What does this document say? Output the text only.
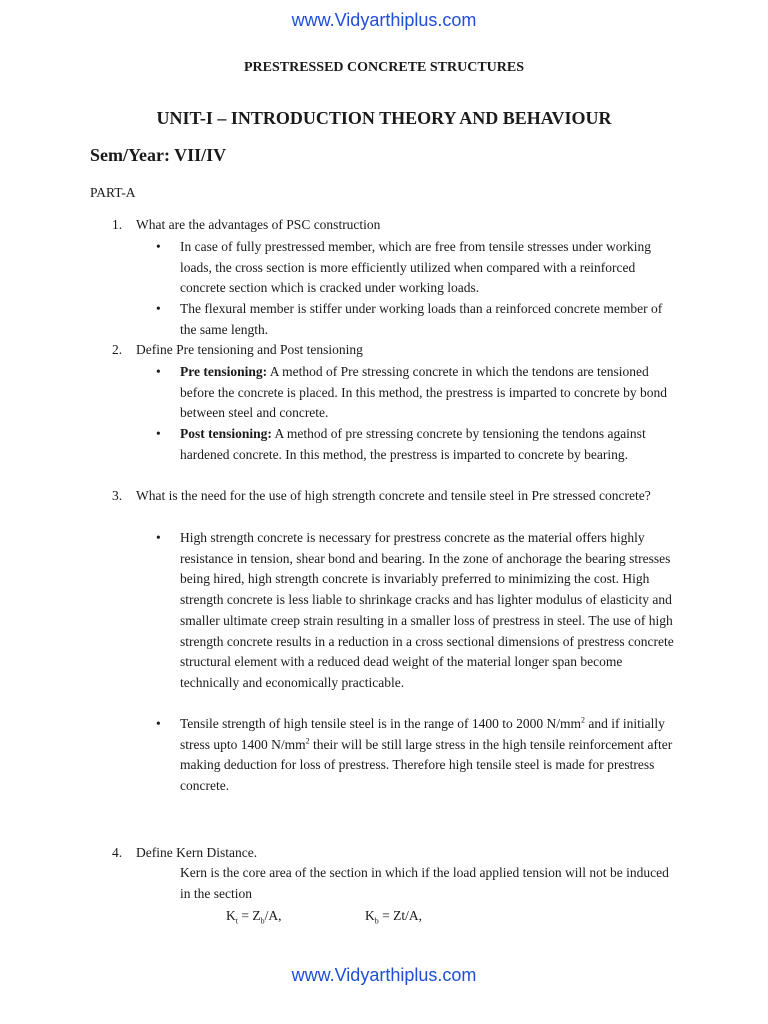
www.Vidyarthiplus.com
PRESTRESSED CONCRETE STRUCTURES
UNIT-I – INTRODUCTION THEORY AND BEHAVIOUR
Sem/Year: VII/IV
PART-A
1. What are the advantages of PSC construction
• In case of fully prestressed member, which are free from tensile stresses under working loads, the cross section is more efficiently utilized when compared with a reinforced concrete section which is cracked under working loads.
• The flexural member is stiffer under working loads than a reinforced concrete member of the same length.
2. Define Pre tensioning and Post tensioning
• Pre tensioning: A method of Pre stressing concrete in which the tendons are tensioned before the concrete is placed. In this method, the prestress is imparted to concrete by bond between steel and concrete.
• Post tensioning: A method of pre stressing concrete by tensioning the tendons against hardened concrete. In this method, the prestress is imparted to concrete by bearing.
3. What is the need for the use of high strength concrete and tensile steel in Pre stressed concrete?
• High strength concrete is necessary for prestress concrete as the material offers highly resistance in tension, shear bond and bearing. In the zone of anchorage the bearing stresses being hired, high strength concrete is invariably preferred to minimizing the cost. High strength concrete is less liable to shrinkage cracks and has lighter modulus of elasticity and smaller ultimate creep strain resulting in a smaller loss of prestress in steel. The use of high strength concrete results in a reduction in a cross sectional dimensions of prestress concrete structural element with a reduced dead weight of the material longer span become technically and economically practicable.
• Tensile strength of high tensile steel is in the range of 1400 to 2000 $N/mm^2$ and if initially stress upto 1400 $N/mm^2$ their will be still large stress in the high tensile reinforcement after making deduction for loss of prestress. Therefore high tensile steel is made for prestress concrete.
4. Define Kern Distance.
Kern is the core area of the section in which if the load applied tension will not be induced in the section
$K_t = Z_b/A$,	$K_b = Zt/A$,
www.Vidyarthiplus.com
